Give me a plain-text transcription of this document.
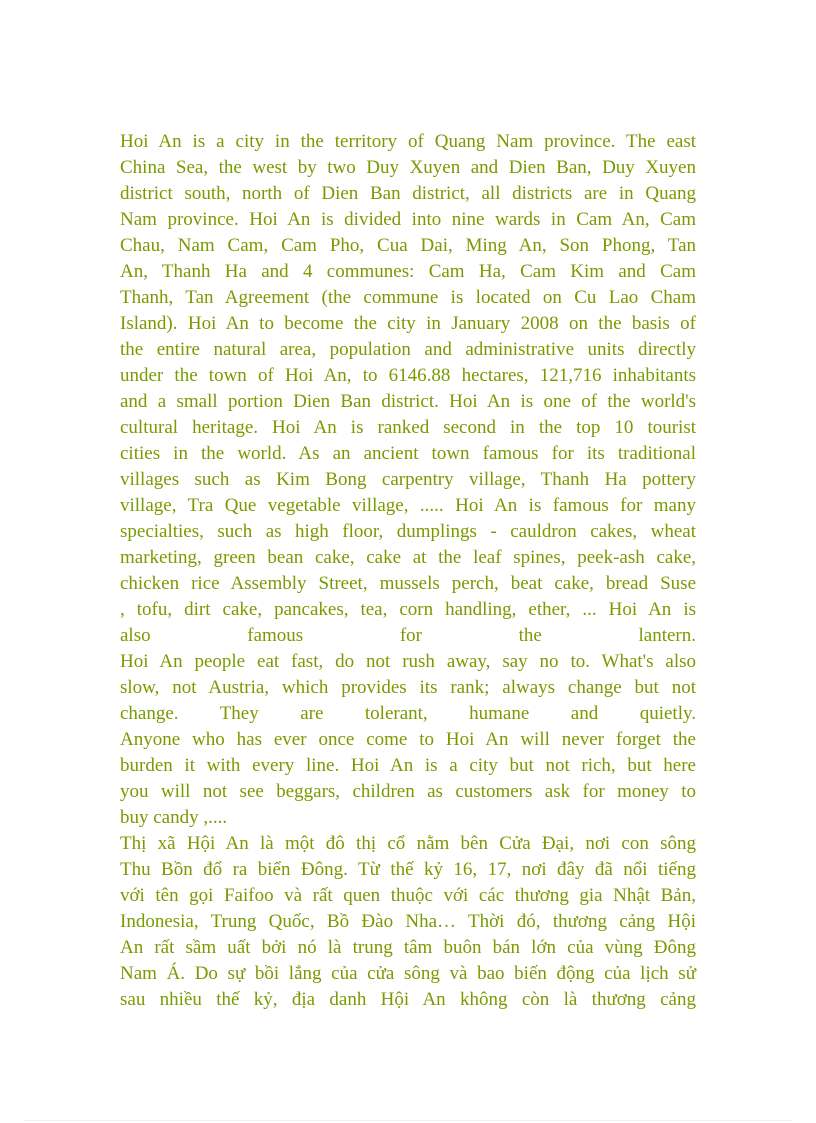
Hoi An is a city in the territory of Quang Nam province. The east
China Sea, the west by two Duy Xuyen and Dien Ban, Duy Xuyen
district south, north of Dien Ban district, all districts are in Quang
Nam province. Hoi An is divided into nine wards in Cam An, Cam
Chau, Nam Cam, Cam Pho, Cua Dai, Ming An, Son Phong, Tan
An, Thanh Ha and 4 communes: Cam Ha, Cam Kim and Cam
Thanh, Tan Agreement (the commune is located on Cu Lao Cham
Island). Hoi An to become the city in January 2008 on the basis of
the entire natural area, population and administrative units directly
under the town of Hoi An, to 6146.88 hectares, 121,716 inhabitants
and a small portion Dien Ban district. Hoi An is one of the world's
cultural heritage. Hoi An is ranked second in the top 10 tourist
cities in the world. As an ancient town famous for its traditional
villages such as Kim Bong carpentry village, Thanh Ha pottery
village, Tra Que vegetable village, ..... Hoi An is famous for many
specialties, such as high floor, dumplings - cauldron cakes, wheat
marketing, green bean cake, cake at the leaf spines, peek-ash cake,
chicken rice Assembly Street, mussels perch, beat cake, bread Suse
, tofu, dirt cake, pancakes, tea, corn handling, ether, ... Hoi An is
also famous for the lantern.
Hoi An people eat fast, do not rush away, say no to. What's also
slow, not Austria, which provides its rank; always change but not
change. They are tolerant, humane and quietly.
Anyone who has ever once come to Hoi An will never forget the
burden it with every line. Hoi An is a city but not rich, but here
you will not see beggars, children as customers ask for money to
buy candy ,....
Thị xã Hội An là một đô thị cổ nằm bên Cửa Đại, nơi con sông
Thu Bồn đổ ra biển Đông. Từ thế kỷ 16, 17, nơi đây đã nổi tiếng
với tên gọi Faifoo và rất quen thuộc với các thương gia Nhật Bản,
Indonesia, Trung Quốc, Bồ Đào Nha… Thời đó, thương cảng Hội
An rất sầm uất bởi nó là trung tâm buôn bán lớn của vùng Đông
Nam Á. Do sự bồi lắng của cửa sông và bao biến động của lịch sử
sau nhiều thế kỷ, địa danh Hội An không còn là thương cảng
